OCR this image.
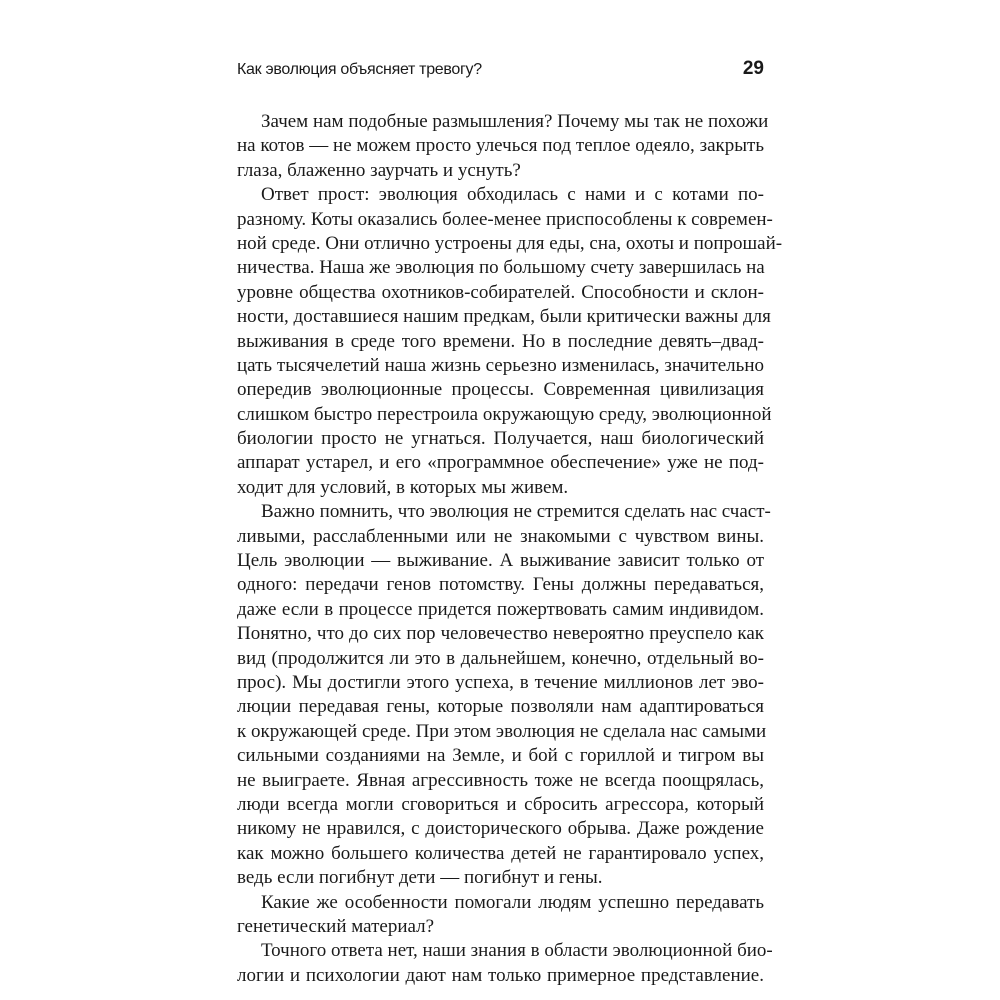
Как эволюция объясняет тревогу?	29
Зачем нам подобные размышления? Почему мы так не похожи
на котов — не можем просто улечься под теплое одеяло, закрыть
глаза, блаженно заурчать и уснуть?
Ответ прост: эволюция обходилась с нами и с котами по-
разному. Коты оказались более-менее приспособлены к современ-
ной среде. Они отлично устроены для еды, сна, охоты и попрошай-
ничества. Наша же эволюция по большому счету завершилась на
уровне общества охотников-собирателей. Способности и склон-
ности, доставшиеся нашим предкам, были критически важны для
выживания в среде того времени. Но в последние девять–двад-
цать тысячелетий наша жизнь серьезно изменилась, значительно
опередив эволюционные процессы. Современная цивилизация
слишком быстро перестроила окружающую среду, эволюционной
биологии просто не угнаться. Получается, наш биологический
аппарат устарел, и его «программное обеспечение» уже не под-
ходит для условий, в которых мы живем.
Важно помнить, что эволюция не стремится сделать нас счаст-
ливыми, расслабленными или не знакомыми с чувством вины.
Цель эволюции — выживание. А выживание зависит только от
одного: передачи генов потомству. Гены должны передаваться,
даже если в процессе придется пожертвовать самим индивидом.
Понятно, что до сих пор человечество невероятно преуспело как
вид (продолжится ли это в дальнейшем, конечно, отдельный во-
прос). Мы достигли этого успеха, в течение миллионов лет эво-
люции передавая гены, которые позволяли нам адаптироваться
к окружающей среде. При этом эволюция не сделала нас самыми
сильными созданиями на Земле, и бой с гориллой и тигром вы
не выиграете. Явная агрессивность тоже не всегда поощрялась,
люди всегда могли сговориться и сбросить агрессора, который
никому не нравился, с доисторического обрыва. Даже рождение
как можно большего количества детей не гарантировало успех,
ведь если погибнут дети — погибнут и гены.
Какие же особенности помогали людям успешно передавать
генетический материал?
Точного ответа нет, наши знания в области эволюционной био-
логии и психологии дают нам только примерное представление.
